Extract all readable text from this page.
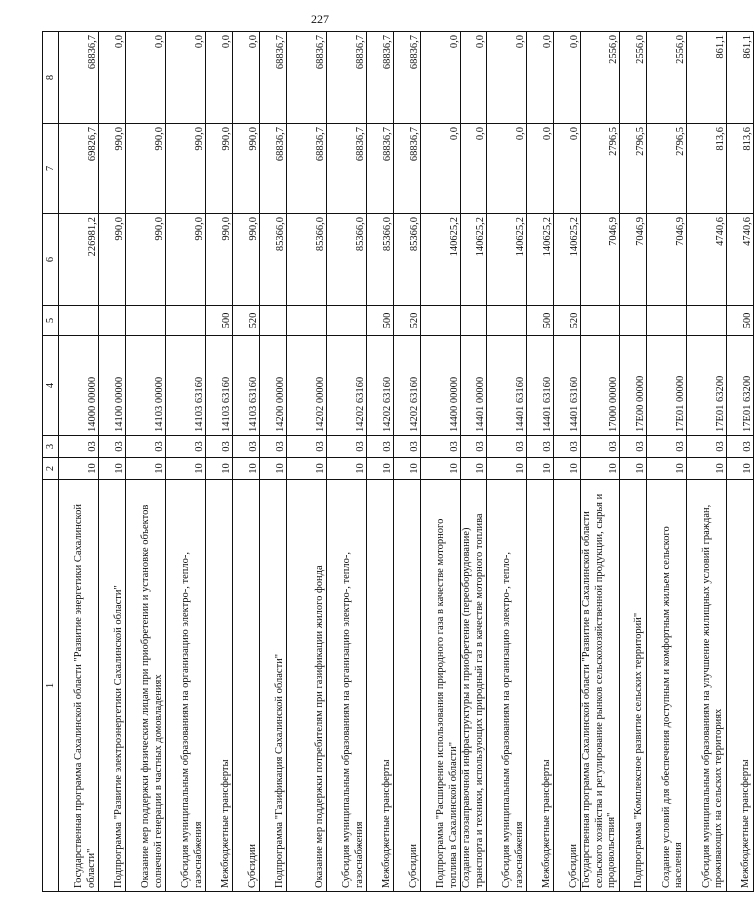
227
1	2	3	4	5	6	7	8
Государственная программа Сахалинской области "Развитие энергетики Сахалинской области"	10	03	14000 00000		226981,2	69826,7	68836,7
Подпрограмма "Развитие электроэнергетики Сахалинской области"	10	03	14100 00000		990,0	990,0	0,0
Оказание мер поддержки физическим лицам при приобретении и установке объектов солнечной генерации в частных домовладениях	10	03	14103 00000		990,0	990,0	0,0
Субсидия муниципальным образованиям на организацию электро-, тепло-, газоснабжения	10	03	14103 63160		990,0	990,0	0,0
Межбюджетные трансферты	10	03	14103 63160	500	990,0	990,0	0,0
Субсидии	10	03	14103 63160	520	990,0	990,0	0,0
Подпрограмма "Газификация Сахалинской области"	10	03	14200 00000		85366,0	68836,7	68836,7
Оказание мер поддержки потребителям при газификации жилого фонда	10	03	14202 00000		85366,0	68836,7	68836,7
Субсидия муниципальным образованиям на организацию электро-, тепло-, газоснабжения	10	03	14202 63160		85366,0	68836,7	68836,7
Межбюджетные трансферты	10	03	14202 63160	500	85366,0	68836,7	68836,7
Субсидии	10	03	14202 63160	520	85366,0	68836,7	68836,7
Подпрограмма "Расширение использования природного газа в качестве моторного топлива в Сахалинской области"	10	03	14400 00000		140625,2	0,0	0,0
Создание газозаправочной инфраструктуры и приобретение (переоборудование) транспорта и техники, использующих природный газ в качестве моторного топлива	10	03	14401 00000		140625,2	0,0	0,0
Субсидия муниципальным образованиям на организацию электро-, тепло-, газоснабжения	10	03	14401 63160		140625,2	0,0	0,0
Межбюджетные трансферты	10	03	14401 63160	500	140625,2	0,0	0,0
Субсидии	10	03	14401 63160	520	140625,2	0,0	0,0
Государственная программа Сахалинской области "Развитие в Сахалинской области сельского хозяйства и регулирование рынков сельскохозяйственной продукции, сырья и продовольствия"	10	03	17000 00000		7046,9	2796,5	2556,0
Подпрограмма "Комплексное развитие сельских территорий"	10	03	17Е00 00000		7046,9	2796,5	2556,0
Создание условий для обеспечения доступным и комфортным жильем сельского населения	10	03	17Е01 00000		7046,9	2796,5	2556,0
Субсидия муниципальным образованиям на улучшение жилищных условий граждан, проживающих на сельских территориях	10	03	17Е01 63200		4740,6	813,6	861,1
Межбюджетные трансферты	10	03	17Е01 63200	500	4740,6	813,6	861,1
